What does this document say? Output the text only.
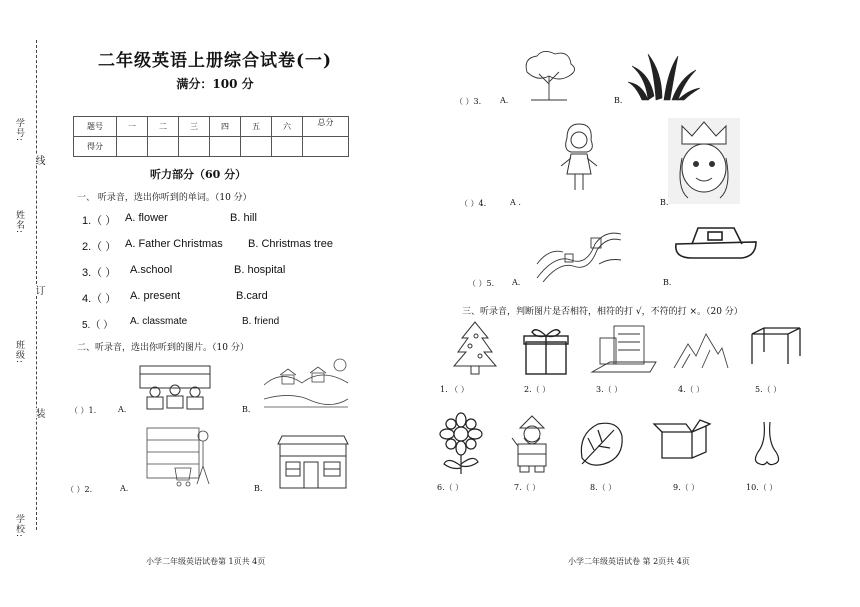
学号:
姓名:
班级:
学校:
线
订
装
二年级英语上册综合试卷(一)
满分：100 分
题号	一	二	三	四	五	六	总分
得分							
听力部分（60 分）
一、 听录音，选出你听到的单词。（10 分）
1.（ ） A. flower	B. hill
2.（ ） A. Father Christmas B. Christmas tree
3.（ ） A.school	B. hospital
4.（ ） A. present	B.card
5.（ ） A. classmate	B. friend
二、听录音，选出你听到的图片。（10 分）
（ ）1.	A.	B.
（ ）2.	A.	B.
（ ）3. A.	B.
（ ）4.	A .	B.
（ ）5. A.	B.
三、听录音，判断图片是否相符，相符的打 √，不符的打 ×。（20 分）
1. （ ）	2.（ ）	3.（ ）	4.（ ）	5.（ ）
6.（ ）	7.（ ）	8.（ ）	9.（ ）	10.（ ）
小学二年级英语试卷第 1页共 4页	小学二年级英语试卷 第 2页共 4页
